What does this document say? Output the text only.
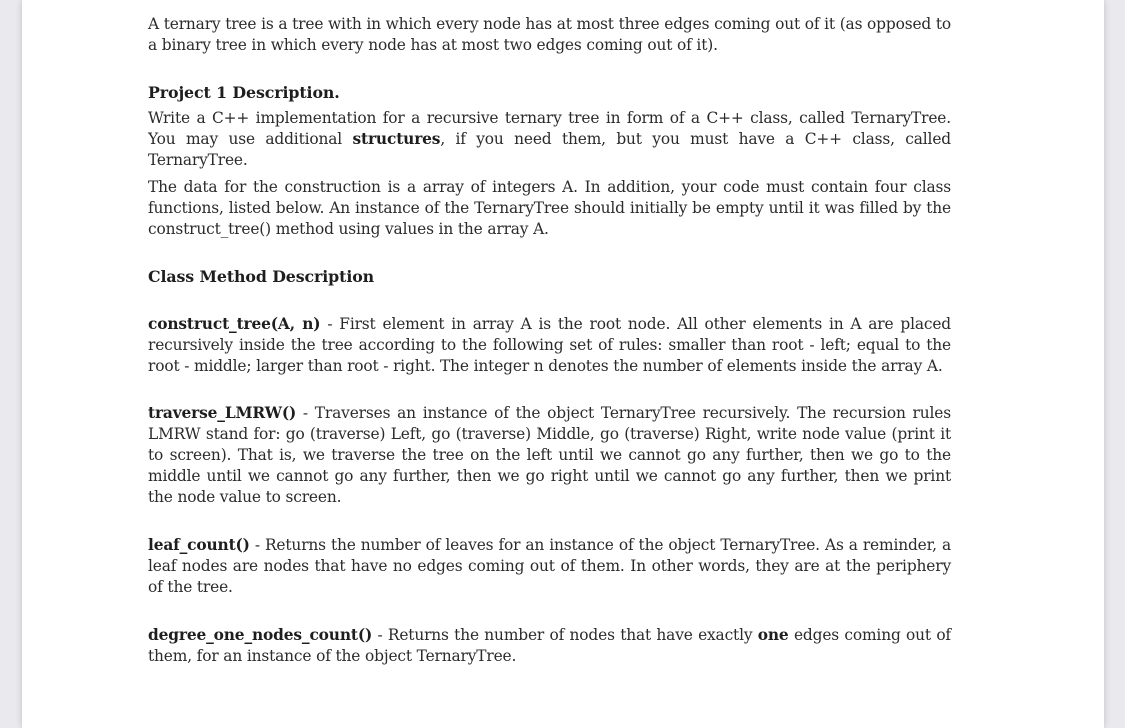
A ternary tree is a tree with in which every node has at most three edges coming out of it (as opposed to a binary tree in which every node has at most two edges coming out of it).

Project 1 Description.

Write a C++ implementation for a recursive ternary tree in form of a C++ class, called TernaryTree. You may use additional structures, if you need them, but you must have a C++ class, called TernaryTree.

The data for the construction is a array of integers A. In addition, your code must contain four class functions, listed below. An instance of the TernaryTree should initially be empty until it was filled by the construct_tree() method using values in the array A.

Class Method Description

construct_tree(A, n) - First element in array A is the root node. All other elements in A are placed recursively inside the tree according to the following set of rules: smaller than root - left; equal to the root - middle; larger than root - right. The integer n denotes the number of elements inside the array A.

traverse_LMRW() - Traverses an instance of the object TernaryTree recursively. The recursion rules LMRW stand for: go (traverse) Left, go (traverse) Middle, go (traverse) Right, write node value (print it to screen). That is, we traverse the tree on the left until we cannot go any further, then we go to the middle until we cannot go any further, then we go right until we cannot go any further, then we print the node value to screen.

leaf_count() - Returns the number of leaves for an instance of the object TernaryTree. As a reminder, a leaf nodes are nodes that have no edges coming out of them. In other words, they are at the periphery of the tree.

degree_one_nodes_count() - Returns the number of nodes that have exactly one edges coming out of them, for an instance of the object TernaryTree.
